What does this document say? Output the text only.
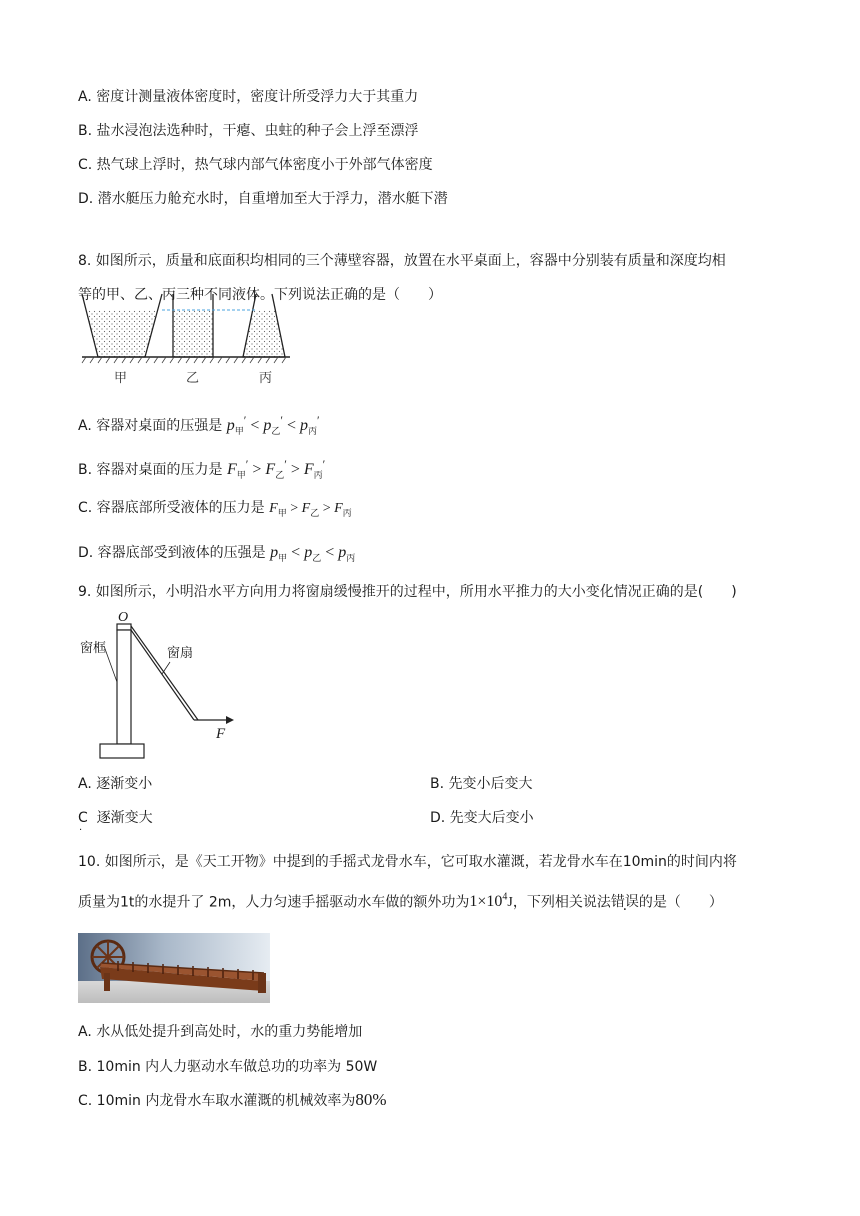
A. 密度计测量液体密度时，密度计所受浮力大于其重力
B. 盐水浸泡法选种时，干瘪、虫蛀的种子会上浮至漂浮
C. 热气球上浮时，热气球内部气体密度小于外部气体密度
D. 潜水艇压力舱充水时，自重增加至大于浮力，潜水艇下潜
8. 如图所示，质量和底面积均相同的三个薄壁容器，放置在水平桌面上，容器中分别装有质量和深度均相
等的甲、乙、丙三种不同液体。下列说法正确的是（　　）
甲	乙	丙
A. 容器对桌面的压强是 $p_甲' < p_乙' < p_丙'$
B. 容器对桌面的压力是 $F_甲' > F_乙' > F_丙'$
C. 容器底部所受液体的压力是 $F_甲 > F_乙 > F_丙$
D. 容器底部受到液体的压强是 $p_甲 < p_乙 < p_丙$
9. 如图所示，小明沿水平方向用力将窗扇缓慢推开的过程中，所用水平推力的大小变化情况正确的是(　　)
O
窗框	窗扇
F
A. 逐渐变小	B. 先变小后变大
C
·
逐渐变大	D. 先变大后变小
10. 如图所示，是《天工开物》中提到的手摇式龙骨水车，它可取水灌溉，若龙骨水车在10min的时间内将
质量为1t的水提升了 2m，人力匀速手摇驱动水车做的额外功为$1\times 10^4J$，下列相关说法错误的是（　　）
A. 水从低处提升到高处时，水的重力势能增加
B. 10min 内人力驱动水车做总功的功率为 50W
C. 10min 内龙骨水车取水灌溉的机械效率为80%
